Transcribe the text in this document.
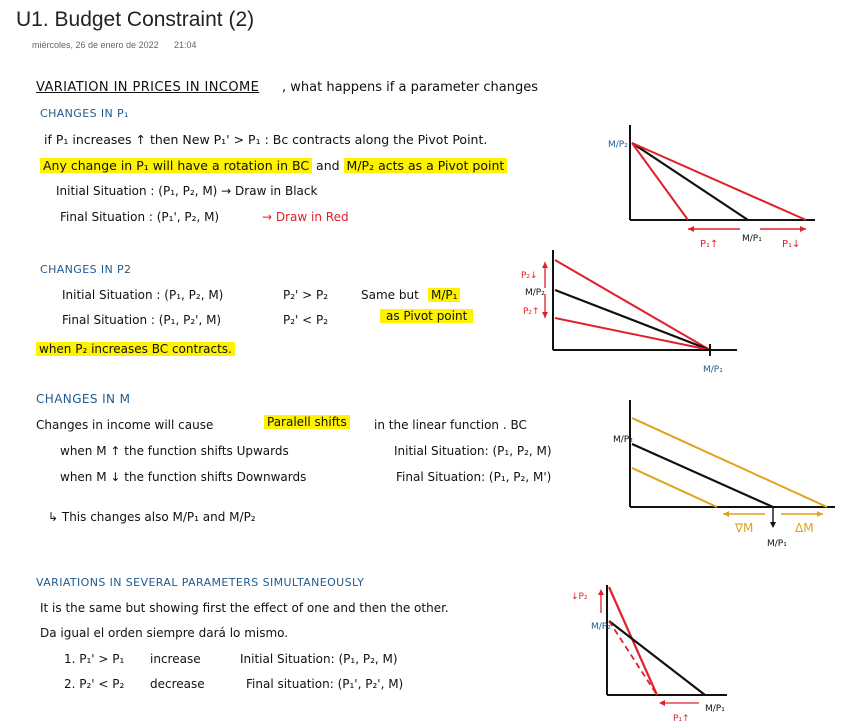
U1. Budget Constraint (2)
miércoles, 26 de enero de 2022 21:04
VARIATION IN PRICES IN INCOME , what happens if a parameter changes
CHANGES IN P₁
if P₁ increases ↑ then New P₁' > P₁ : Bc contracts along the Pivot Point.
Any change in P₁ will have a rotation in BC and M/P₂ acts as a Pivot point
Initial Situation : (P₁, P₂, M) → Draw in Black
Final Situation : (P₁', P₂, M)	→ Draw in Red
M/P₂
P₁↑	M/P₁ P₁↓
CHANGES IN P2
Initial Situation : (P₁, P₂, M)	P₂' > P₂	Same but M/P₁
Final Situation : (P₁, P₂', M)	P₂' < P₂	as Pivot point
when P₂ increases BC contracts.
P₂↓
M/P₂
P₂↑
M/P₁
CHANGES IN M
Changes in income will cause	Paralell shifts in the linear function . BC
when M ↑ the function shifts Upwards	Initial Situation: (P₁, P₂, M)
when M ↓ the function shifts Downwards	Final Situation: (P₁, P₂, M')
↳ This changes also M/P₁ and M/P₂
M/P₂
∇M	ΔM
M/P₁
VARIATIONS IN SEVERAL PARAMETERS SIMULTANEOUSLY
It is the same but showing first the effect of one and then the other.
Da igual el orden siempre dará lo mismo.
1. P₁' > P₁ increase	Initial Situation: (P₁, P₂, M)
2. P₂' < P₂ decrease	Final situation: (P₁', P₂', M)
↓P₂
M/P₂
P₁↑
M/P₁
